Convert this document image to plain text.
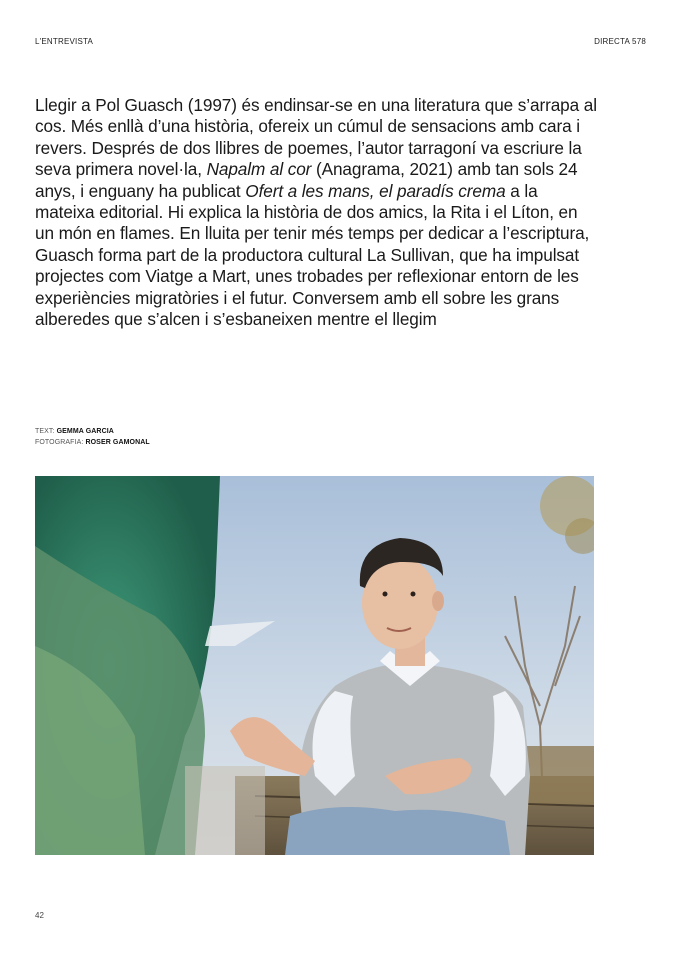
L'ENTREVISTA	DIRECTA 578

Llegir a Pol Guasch (1997) és endinsar-se en una literatura que s’arrapa al cos. Més enllà d’una història, ofereix un cúmul de sensacions amb cara i revers. Després de dos llibres de poemes, l’autor tarragoní va escriure la seva primera novel·la, Napalm al cor (Anagrama, 2021) amb tan sols 24 anys, i enguany ha publicat Ofert a les mans, el paradís crema a la mateixa editorial. Hi explica la història de dos amics, la Rita i el Líton, en un món en flames. En lluita per tenir més temps per dedicar a l’escriptura, Guasch forma part de la productora cultural La Sullivan, que ha impulsat projectes com Viatge a Mart, unes trobades per reflexionar entorn de les experiències migratòries i el futur. Conversem amb ell sobre les grans alberedes que s’alcen i s’esbaneixen mentre el llegim

TEXT: GEMMA GARCIA
FOTOGRAFIA: ROSER GAMONAL
42
